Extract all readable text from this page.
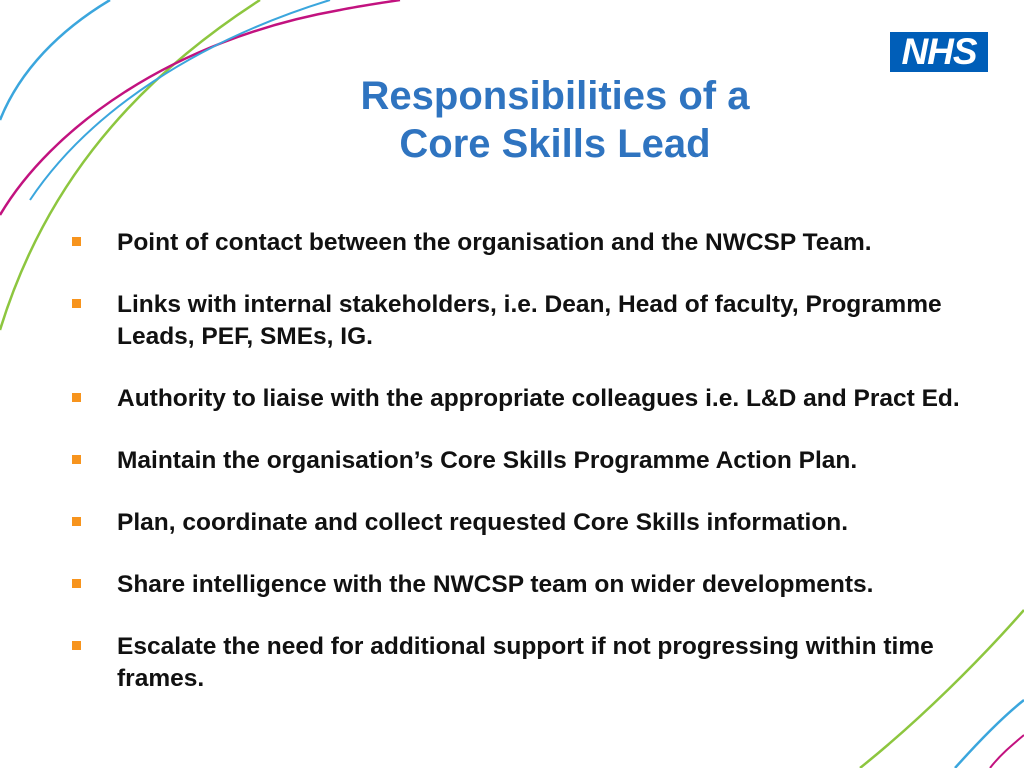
NHS
Responsibilities of a
Core Skills Lead
Point of contact between the organisation and the NWCSP Team.
Links with internal stakeholders, i.e. Dean, Head of faculty, Programme Leads, PEF, SMEs, IG.
Authority to liaise with the appropriate colleagues i.e. L&D and Pract Ed.
Maintain the organisation’s Core Skills Programme Action Plan.
Plan, coordinate and collect requested Core Skills information.
Share intelligence with the NWCSP team on wider developments.
Escalate the need for additional support if not progressing within time frames.
